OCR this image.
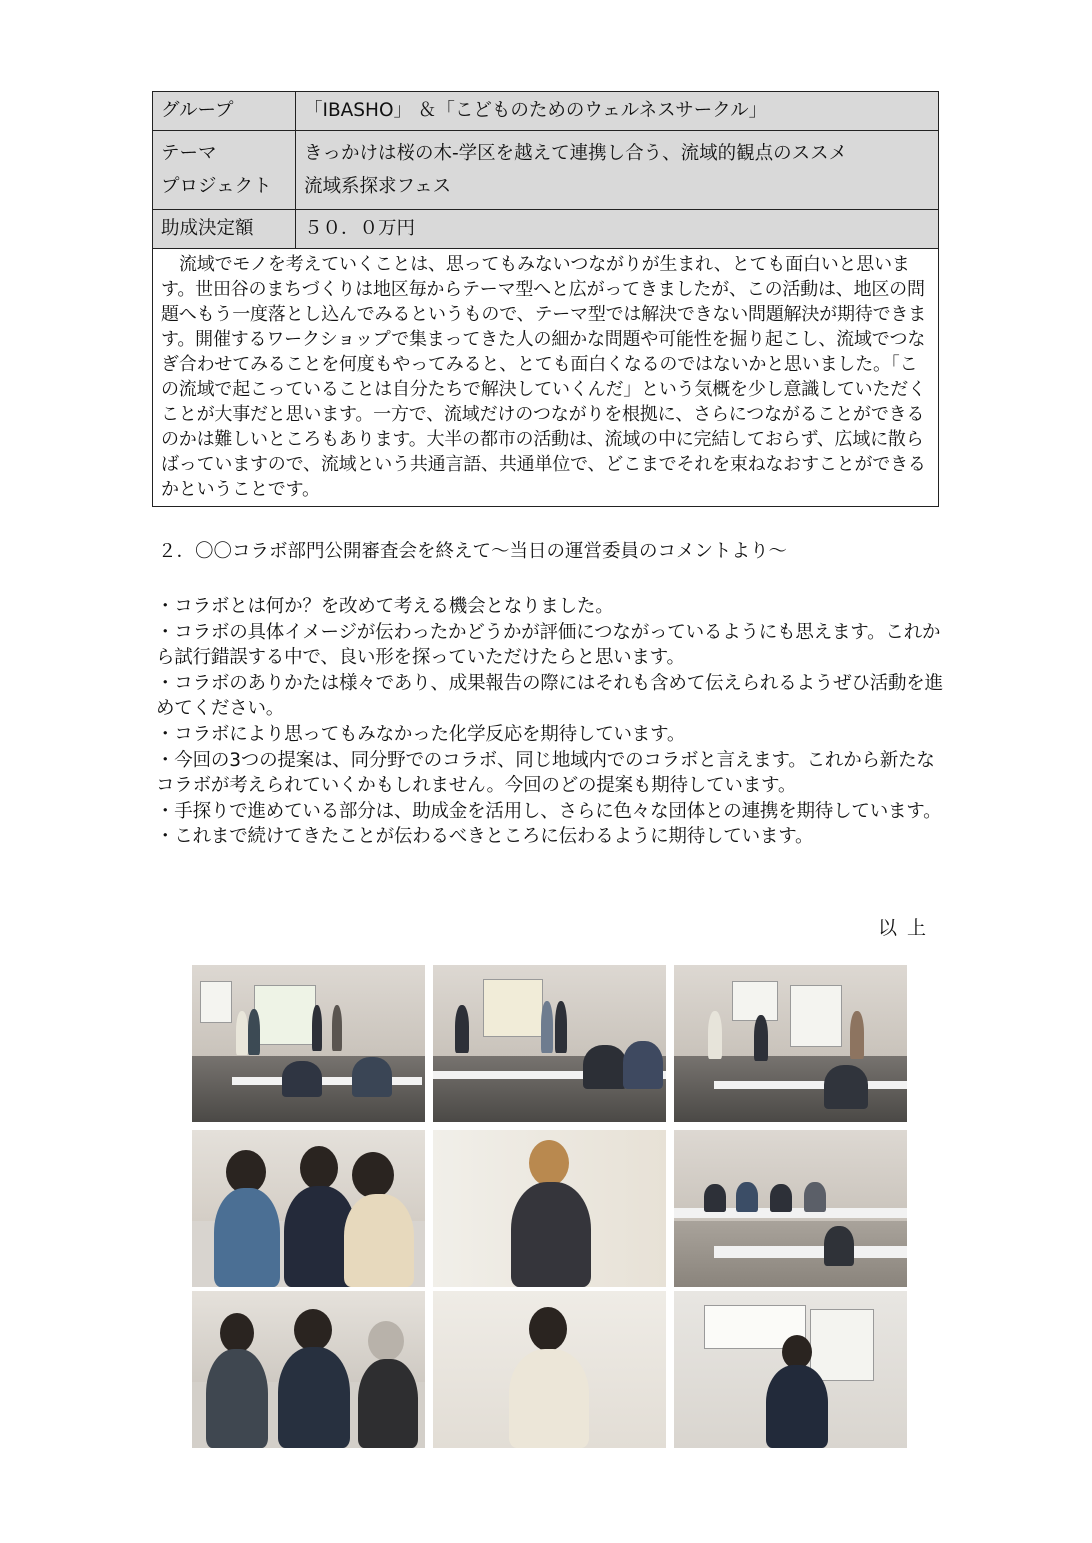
グループ	「IBASHO」 ＆「こどものためのウェルネスサークル」

テーマ
プロジェクト	きっかけは桜の木-学区を越えて連携し合う、流域的観点のススメ
流域系探求フェス

助成決定額	５０．０万円

流域でモノを考えていくことは、思ってもみないつながりが生まれ、とても面白いと思います。世田谷のまちづくりは地区毎からテーマ型へと広がってきましたが、この活動は、地区の問題へもう一度落とし込んでみるというもので、テーマ型では解決できない問題解決が期待できます。開催するワークショップで集まってきた人の細かな問題や可能性を掘り起こし、流域でつなぎ合わせてみることを何度もやってみると、とても面白くなるのではないかと思いました。「この流域で起こっていることは自分たちで解決していくんだ」という気概を少し意識していただくことが大事だと思います。一方で、流域だけのつながりを根拠に、さらにつながることができるのかは難しいところもあります。大半の都市の活動は、流域の中に完結しておらず、広域に散らばっていますので、流域という共通言語、共通単位で、どこまでそれを束ねなおすことができるかということです。	

２．〇〇コラボ部門公開審査会を終えて～当日の運営委員のコメントより～
・コラボとは何か？を改めて考える機会となりました。
・コラボの具体イメージが伝わったかどうかが評価につながっているようにも思えます。これから試行錯誤する中で、良い形を探っていただけたらと思います。
・コラボのありかたは様々であり、成果報告の際にはそれも含めて伝えられるようぜひ活動を進めてください。
・コラボにより思ってもみなかった化学反応を期待しています。
・今回の3つの提案は、同分野でのコラボ、同じ地域内でのコラボと言えます。これから新たなコラボが考えられていくかもしれません。今回のどの提案も期待しています。
・手探りで進めている部分は、助成金を活用し、さらに色々な団体との連携を期待しています。
・これまで続けてきたことが伝わるべきところに伝わるように期待しています。

以上
